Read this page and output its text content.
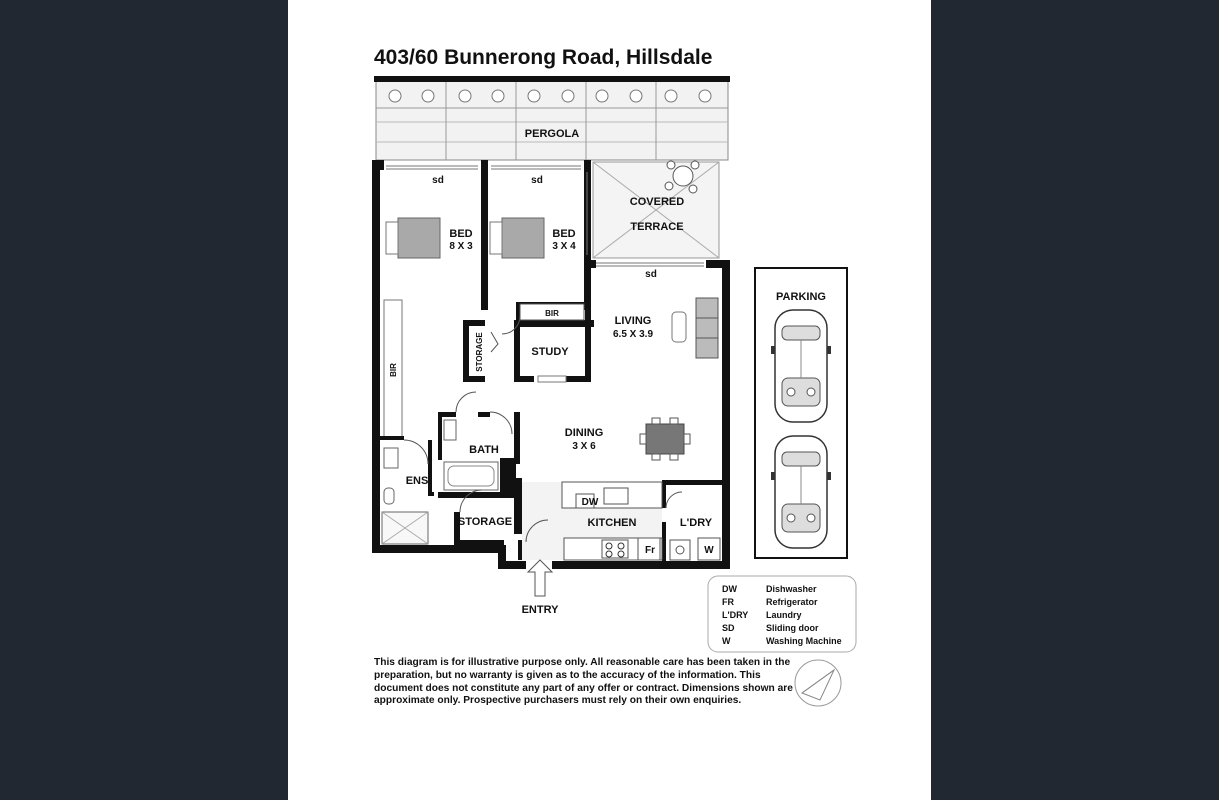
403/60 Bunnerong Road, Hillsdale
PERGOLA
sd	sd
sd
COVERED
TERRACE
BED
8 X 3
BIR
BED
3 X 4
BIR
STORAGE	STUDY
LIVING
6.5 X 3.9
DINING
3 X 6
BATH
ENS
STORAGE
DW
KITCHEN
Fr
L'DRY
W
ENTRY
PARKING
DW	Dishwasher
FR	Refrigerator
L'DRY Laundry
SD	Sliding door
W	Washing Machine
This diagram is for illustrative purpose only. All reasonable care has been taken in the preparation, but no warranty is given as to the accuracy of the information. This document does not constitute any part of any offer or contract. Dimensions shown are approximate only. Prospective purchasers must rely on their own enquiries.
